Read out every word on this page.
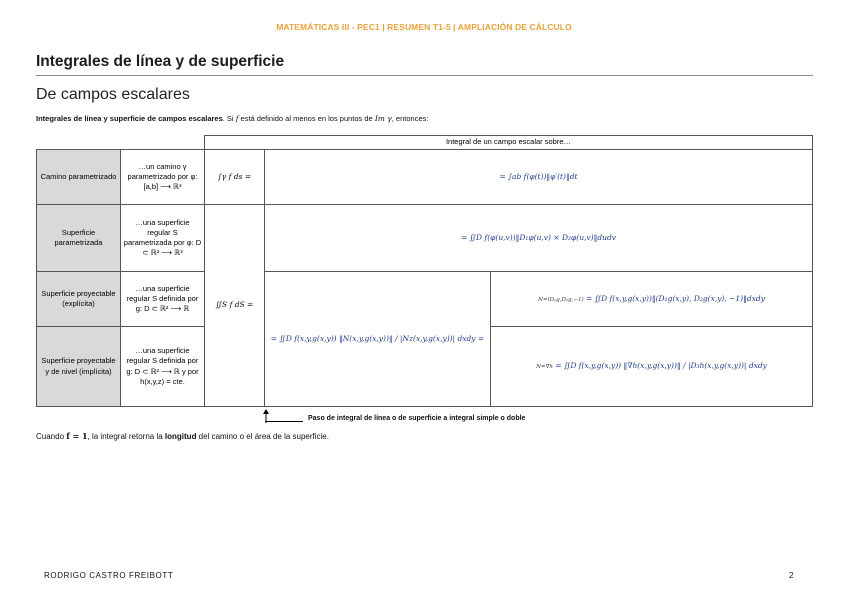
MATEMÁTICAS III - PEC1 | RESUMEN T1-5 | AMPLIACIÓN DE CÁLCULO
Integrales de línea y de superficie
De campos escalares
Integrales de línea y superficie de campos escalares. Si f está definido al menos en los puntos de Im γ, entonces:
		Integral de un campo escalar sobre…		
Camino parametrizado	…un camino γ parametrizado por φ:[a,b] ⟶ ℝ³	∫γ f ds =	= ∫ab f(φ(t))‖φ′(t)‖dt	
Superficie parametrizada	…una superficie regular S parametrizada por φ: D ⊂ ℝ² ⟶ ℝ³	∬S f dS =	= ∬D f(φ(u,v))‖D₁φ(u,v) × D₂φ(u,v)‖dudv	
Superficie proyectable (explícita)	…una superficie regular S definida por g: D ⊂ ℝ² ⟶ ℝ		= ∬D f(x,y,g(x,y)) ‖N(x,y,g(x,y))‖ / |Nz(x,y,g(x,y))| dxdy =	N=(D₁g,D₂g,−1) = ∬D f(x,y,g(x,y))‖(D₁g(x,y), D₂g(x,y), −1)‖dxdy
Superficie proyectable y de nivel (implícita)	…una superficie regular S definida por g: D ⊂ ℝ² ⟶ ℝ y por h(x,y,z) = cte.			N=∇h = ∬D f(x,y,g(x,y)) ‖∇h(x,y,g(x,y))‖ / |D₃h(x,y,g(x,y))| dxdy
Paso de integral de línea o de superficie a integral simple o doble
Cuando f = 1, la integral retorna la longitud del camino o el área de la superficie.
RODRIGO CASTRO FREIBOTT	2
